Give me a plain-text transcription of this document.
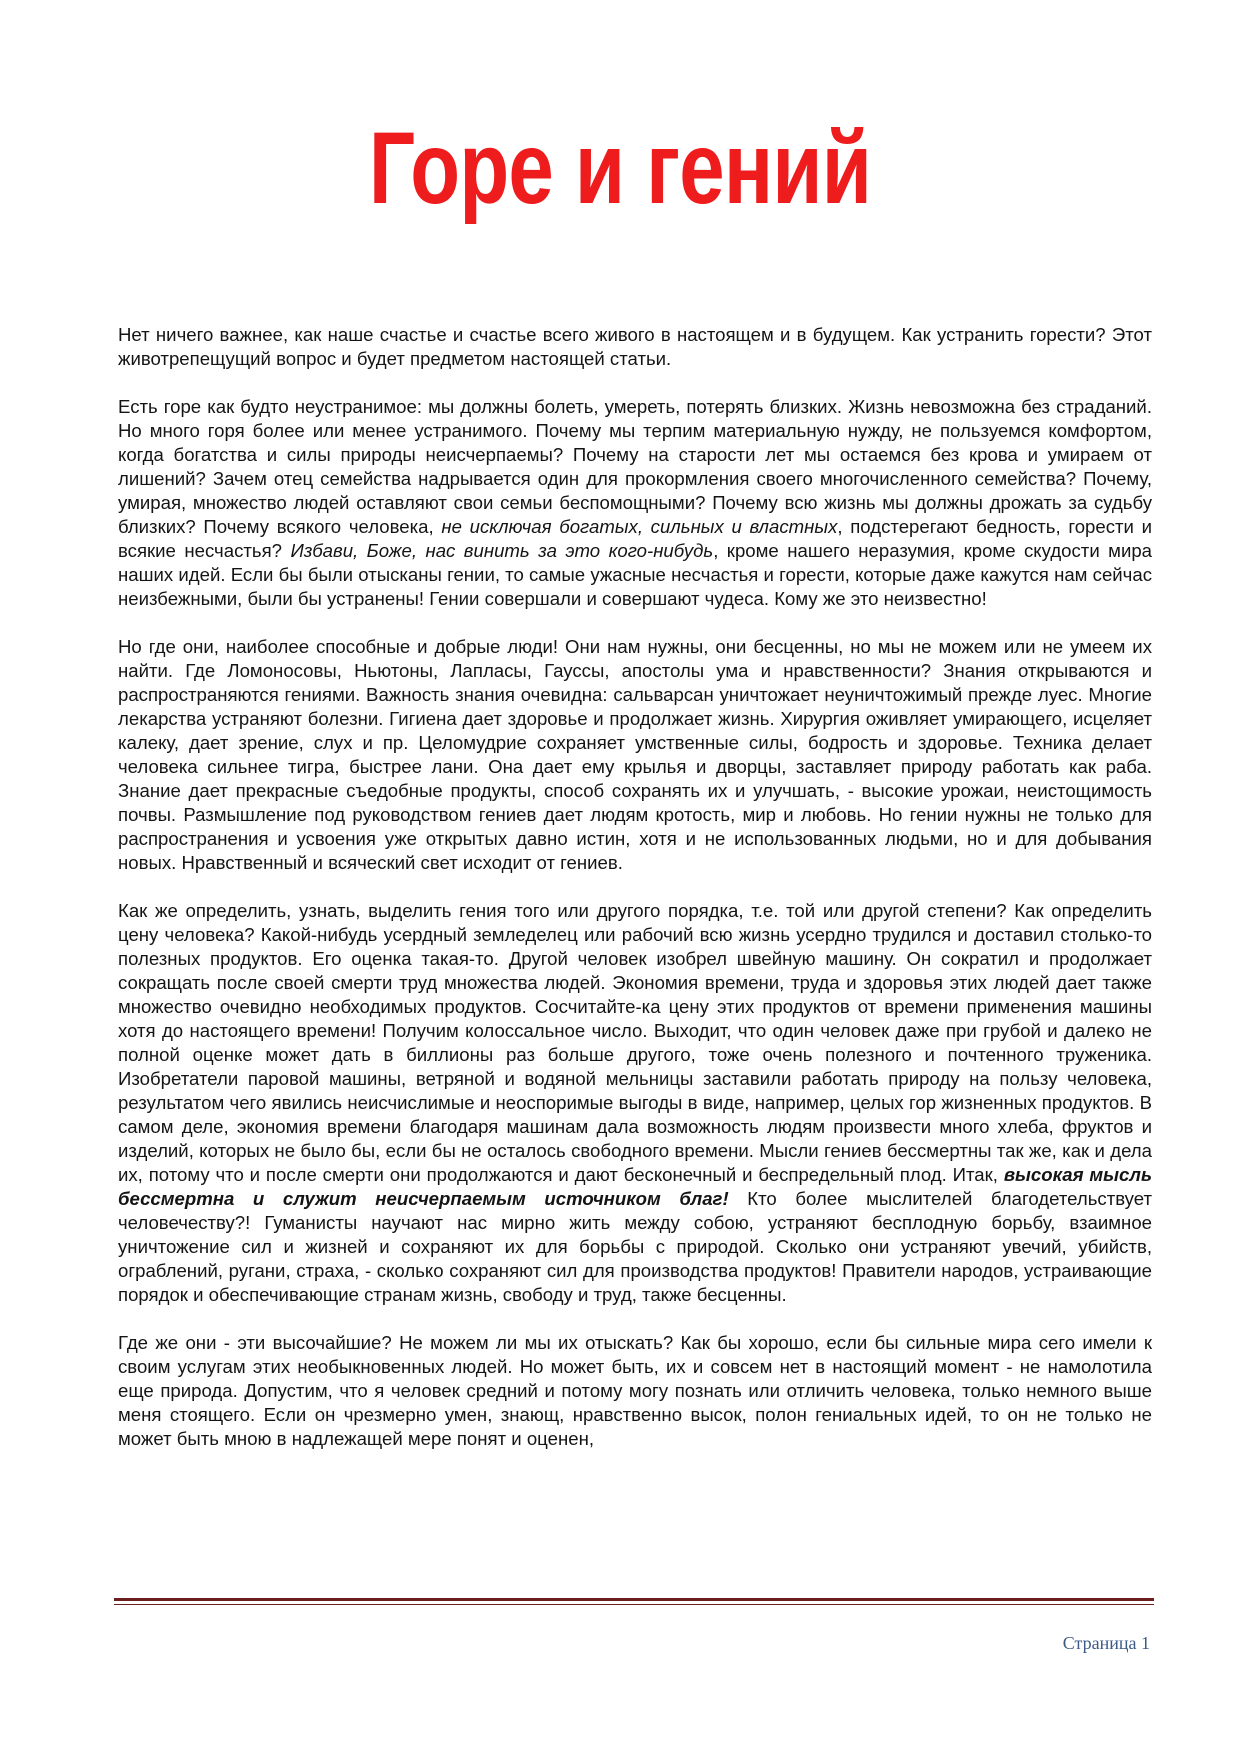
Горе и гений

Нет ничего важнее, как наше счастье и счастье всего живого в настоящем и в будущем. Как устранить горести? Этот животрепещущий вопрос и будет предметом настоящей статьи.

Есть горе как будто неустранимое: мы должны болеть, умереть, потерять близких. Жизнь невозможна без страданий. Но много горя более или менее устранимого. Почему мы терпим материальную нужду, не пользуемся комфортом, когда богатства и силы природы неисчерпаемы? Почему на старости лет мы остаемся без крова и умираем от лишений? Зачем отец семейства надрывается один для прокормления своего многочисленного семейства? Почему, умирая, множество людей оставляют свои семьи беспомощными? Почему всю жизнь мы должны дрожать за судьбу близких? Почему всякого человека, не исключая богатых, сильных и властных, подстерегают бедность, горести и всякие несчастья? Избави, Боже, нас винить за это кого-нибудь, кроме нашего неразумия, кроме скудости мира наших идей. Если бы были отысканы гении, то самые ужасные несчастья и горести, которые даже кажутся нам сейчас неизбежными, были бы устранены! Гении совершали и совершают чудеса. Кому же это неизвестно!

Но где они, наиболее способные и добрые люди! Они нам нужны, они бесценны, но мы не можем или не умеем их найти. Где Ломоносовы, Ньютоны, Лапласы, Гауссы, апостолы ума и нравственности? Знания открываются и распространяются гениями. Важность знания очевидна: сальварсан уничтожает неуничтожимый прежде луес. Многие лекарства устраняют болезни. Гигиена дает здоровье и продолжает жизнь. Хирургия оживляет умирающего, исцеляет калеку, дает зрение, слух и пр. Целомудрие сохраняет умственные силы, бодрость и здоровье. Техника делает человека сильнее тигра, быстрее лани. Она дает ему крылья и дворцы, заставляет природу работать как раба. Знание дает прекрасные съедобные продукты, способ сохранять их и улучшать, - высокие урожаи, неистощимость почвы. Размышление под руководством гениев дает людям кротость, мир и любовь. Но гении нужны не только для распространения и усвоения уже открытых давно истин, хотя и не использованных людьми, но и для добывания новых. Нравственный и всяческий свет исходит от гениев.

Как же определить, узнать, выделить гения того или другого порядка, т.е. той или другой степени? Как определить цену человека? Какой-нибудь усердный земледелец или рабочий всю жизнь усердно трудился и доставил столько-то полезных продуктов. Его оценка такая-то. Другой человек изобрел швейную машину. Он сократил и продолжает сокращать после своей смерти труд множества людей. Экономия времени, труда и здоровья этих людей дает также множество очевидно необходимых продуктов. Сосчитайте-ка цену этих продуктов от времени применения машины хотя до настоящего времени! Получим колоссальное число. Выходит, что один человек даже при грубой и далеко не полной оценке может дать в биллионы раз больше другого, тоже очень полезного и почтенного труженика. Изобретатели паровой машины, ветряной и водяной мельницы заставили работать природу на пользу человека, результатом чего явились неисчислимые и неоспоримые выгоды в виде, например, целых гор жизненных продуктов. В самом деле, экономия времени благодаря машинам дала возможность людям произвести много хлеба, фруктов и изделий, которых не было бы, если бы не осталось свободного времени. Мысли гениев бессмертны так же, как и дела их, потому что и после смерти они продолжаются и дают бесконечный и беспредельный плод. Итак, высокая мысль бессмертна и служит неисчерпаемым источником благ! Кто более мыслителей благодетельствует человечеству?! Гуманисты научают нас мирно жить между собою, устраняют бесплодную борьбу, взаимное уничтожение сил и жизней и сохраняют их для борьбы с природой. Сколько они устраняют увечий, убийств, ограблений, ругани, страха, - сколько сохраняют сил для производства продуктов! Правители народов, устраивающие порядок и обеспечивающие странам жизнь, свободу и труд, также бесценны.

Где же они - эти высочайшие? Не можем ли мы их отыскать? Как бы хорошо, если бы сильные мира сего имели к своим услугам этих необыкновенных людей. Но может быть, их и совсем нет в настоящий момент - не намолотила еще природа. Допустим, что я человек средний и потому могу познать или отличить человека, только немного выше меня стоящего. Если он чрезмерно умен, знающ, нравственно высок, полон гениальных идей, то он не только не может быть мною в надлежащей мере понят и оценен,

Страница 1
